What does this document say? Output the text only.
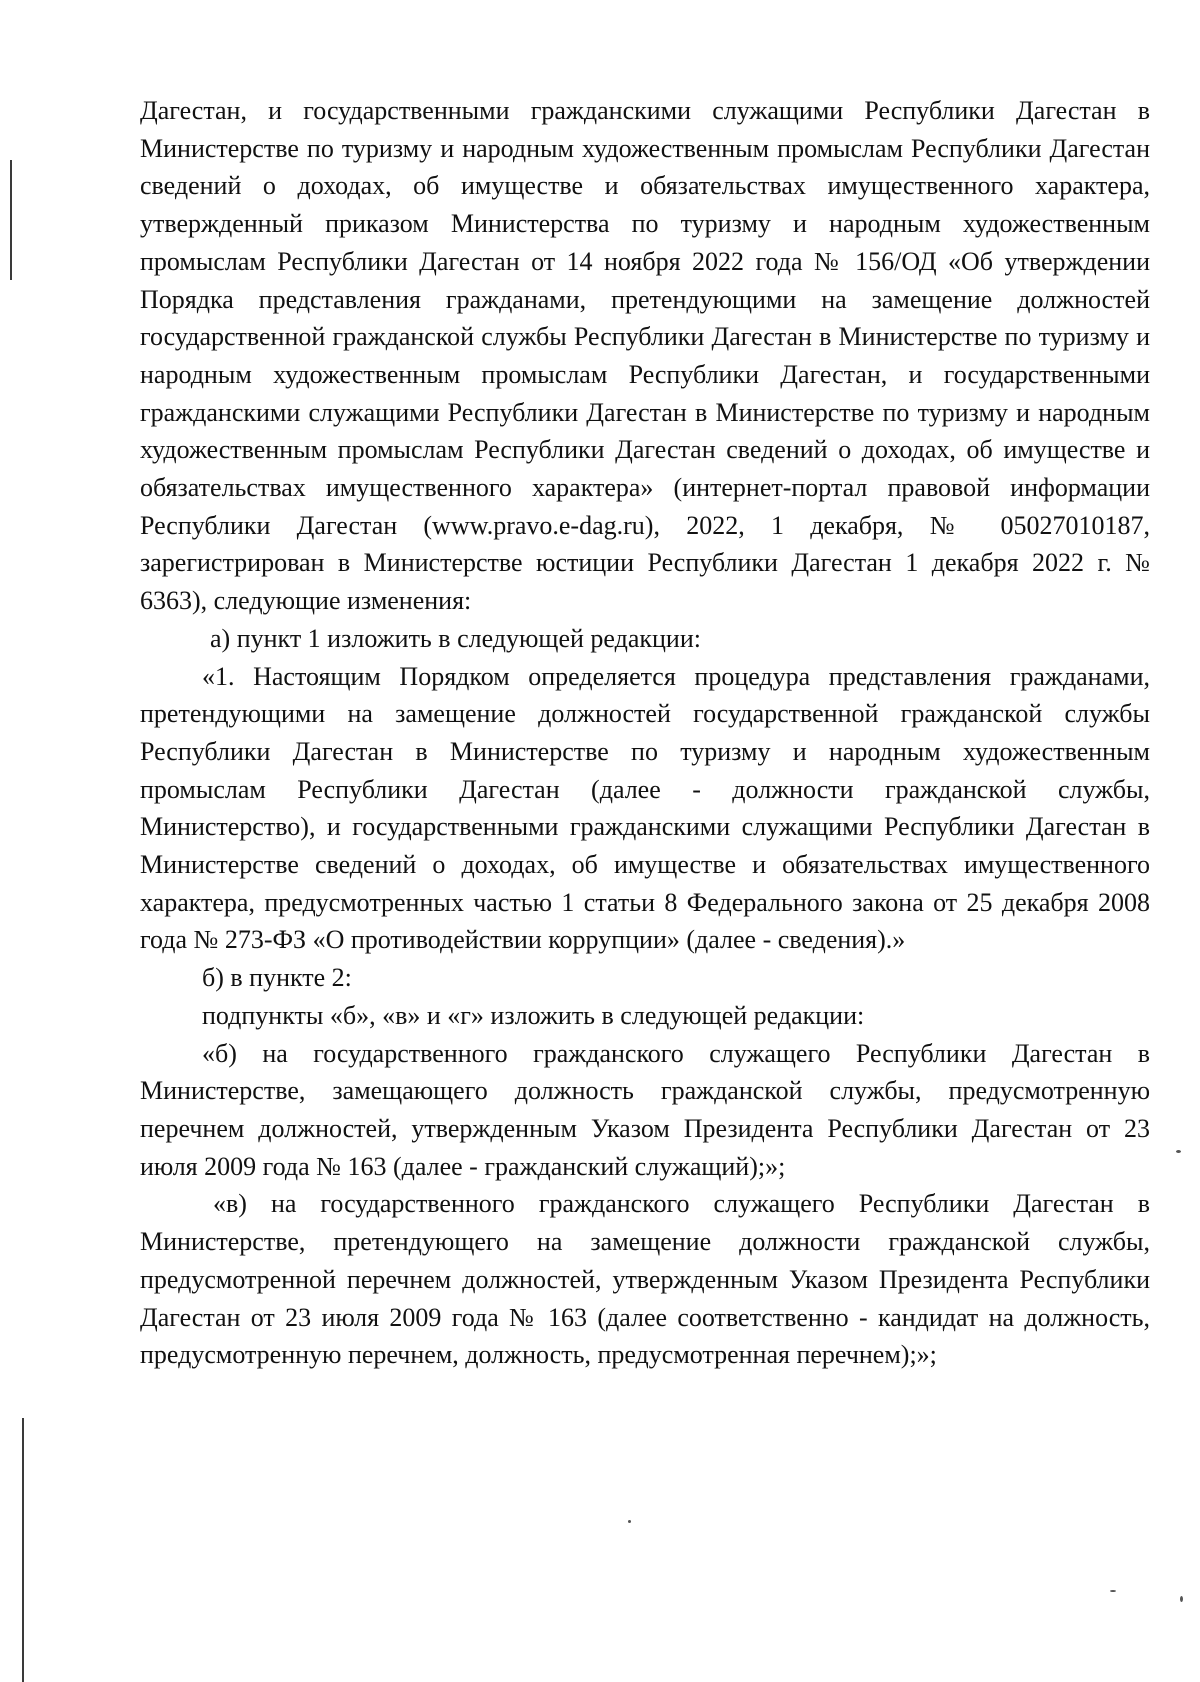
Дагестан, и государственными гражданскими служащими Республики Дагестан в Министерстве по туризму и народным художественным промыслам Республики Дагестан сведений о доходах, об имуществе и обязательствах имущественного характера, утвержденный приказом Министерства по туризму и народным художественным промыслам Республики Дагестан от 14 ноября 2022 года № 156/ОД «Об утверждении Порядка представления гражданами, претендующими на замещение должностей государственной гражданской службы Республики Дагестан в Министерстве по туризму и народным художественным промыслам Республики Дагестан, и государственными гражданскими служащими Республики Дагестан в Министерстве по туризму и народным художественным промыслам Республики Дагестан сведений о доходах, об имуществе и обязательствах имущественного характера» (интернет-портал правовой информации Республики Дагестан (www.pravo.e-dag.ru), 2022, 1 декабря, № 05027010187, зарегистрирован в Министерстве юстиции Республики Дагестан 1 декабря 2022 г. № 6363), следующие изменения:

а) пункт 1 изложить в следующей редакции:

«1. Настоящим Порядком определяется процедура представления гражданами, претендующими на замещение должностей государственной гражданской службы Республики Дагестан в Министерстве по туризму и народным художественным промыслам Республики Дагестан (далее - должности гражданской службы, Министерство), и государственными гражданскими служащими Республики Дагестан в Министерстве сведений о доходах, об имуществе и обязательствах имущественного характера, предусмотренных частью 1 статьи 8 Федерального закона от 25 декабря 2008 года № 273-ФЗ «О противодействии коррупции» (далее - сведения).»

б) в пункте 2:

подпункты «б», «в» и «г» изложить в следующей редакции:

«б) на государственного гражданского служащего Республики Дагестан в Министерстве, замещающего должность гражданской службы, предусмотренную перечнем должностей, утвержденным Указом Президента Республики Дагестан от 23 июля 2009 года № 163 (далее - гражданский служащий);»;

«в) на государственного гражданского служащего Республики Дагестан в Министерстве, претендующего на замещение должности гражданской службы, предусмотренной перечнем должностей, утвержденным Указом Президента Республики Дагестан от 23 июля 2009 года № 163 (далее соответственно - кандидат на должность, предусмотренную перечнем, должность, предусмотренная перечнем);»;
